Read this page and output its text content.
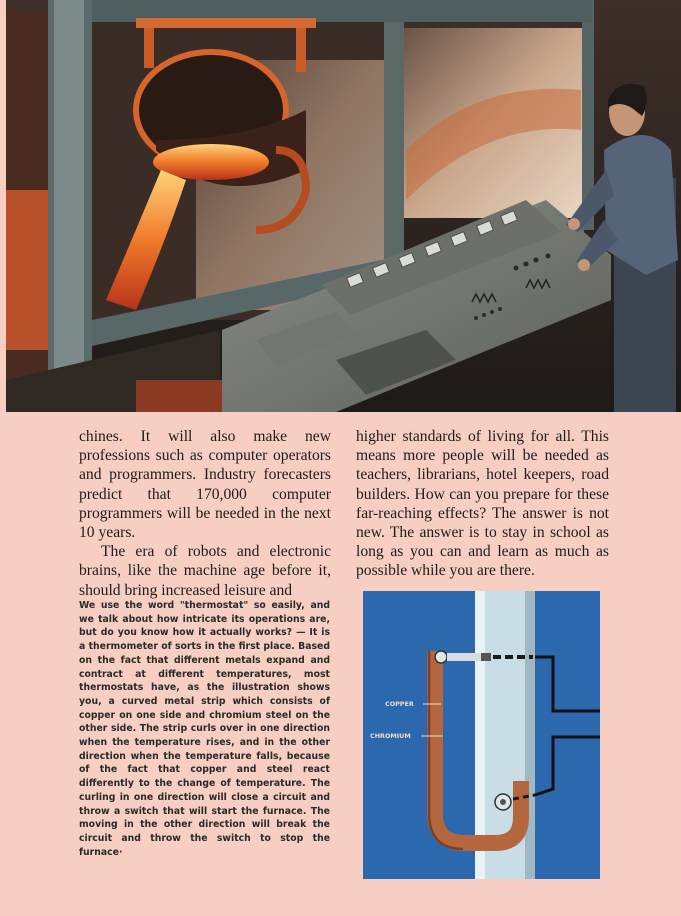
chines. It will also make new professions such as computer operators and programmers. Industry forecasters predict that 170,000 computer programmers will be needed in the next 10 years.

The era of robots and electronic brains, like the machine age before it, should bring increased leisure and

higher standards of living for all. This means more people will be needed as teachers, librarians, hotel keepers, road builders. How can you prepare for these far-reaching effects? The answer is not new. The answer is to stay in school as long as you can and learn as much as possible while you are there.

We use the word "thermostat" so easily, and we talk about how intricate its operations are, but do you know how it actually works? — It is a thermometer of sorts in the first place. Based on the fact that different metals expand and contract at different temperatures, most thermostats have, as the illustration shows you, a curved metal strip which consists of copper on one side and chromium steel on the other side. The strip curls over in one direction when the temperature rises, and in the other direction when the temperature falls, because of the fact that copper and steel react differently to the change of temperature. The curling in one direction will close a circuit and throw a switch that will start the furnace. The moving in the other direction will break the circuit and throw the switch to stop the furnace·
COPPER
CHROMIUM
